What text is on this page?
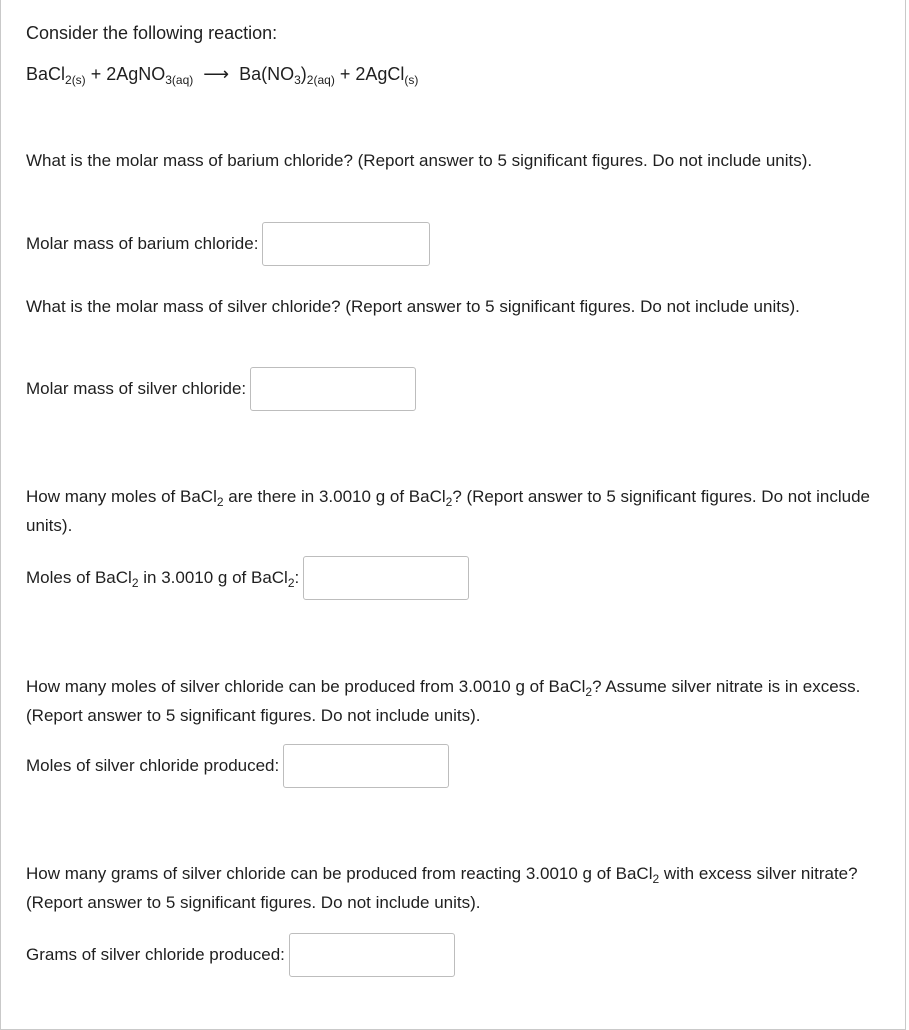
Consider the following reaction:
BaCl$_{2(s)}$ + 2AgNO$_{3(aq)}$ ⟶ $Ba(NO_3)_{2(aq)}$ + 2AgCl$_{(s)}$
What is the molar mass of barium chloride? (Report answer to 5 significant figures. Do not include units).
Molar mass of barium chloride:
What is the molar mass of silver chloride? (Report answer to 5 significant figures. Do not include units).
Molar mass of silver chloride:
How many moles of BaCl$_2$ are there in 3.0010 g of BaCl$_2$? (Report answer to 5 significant figures. Do not include units).
Moles of BaCl$_2$ in 3.0010 g of BaCl$_2$:
How many moles of silver chloride can be produced from 3.0010 g of BaCl$_2$? Assume silver nitrate is in excess. (Report answer to 5 significant figures. Do not include units).
Moles of silver chloride produced:
How many grams of silver chloride can be produced from reacting 3.0010 g of BaCl$_2$ with excess silver nitrate? (Report answer to 5 significant figures. Do not include units).
Grams of silver chloride produced:
